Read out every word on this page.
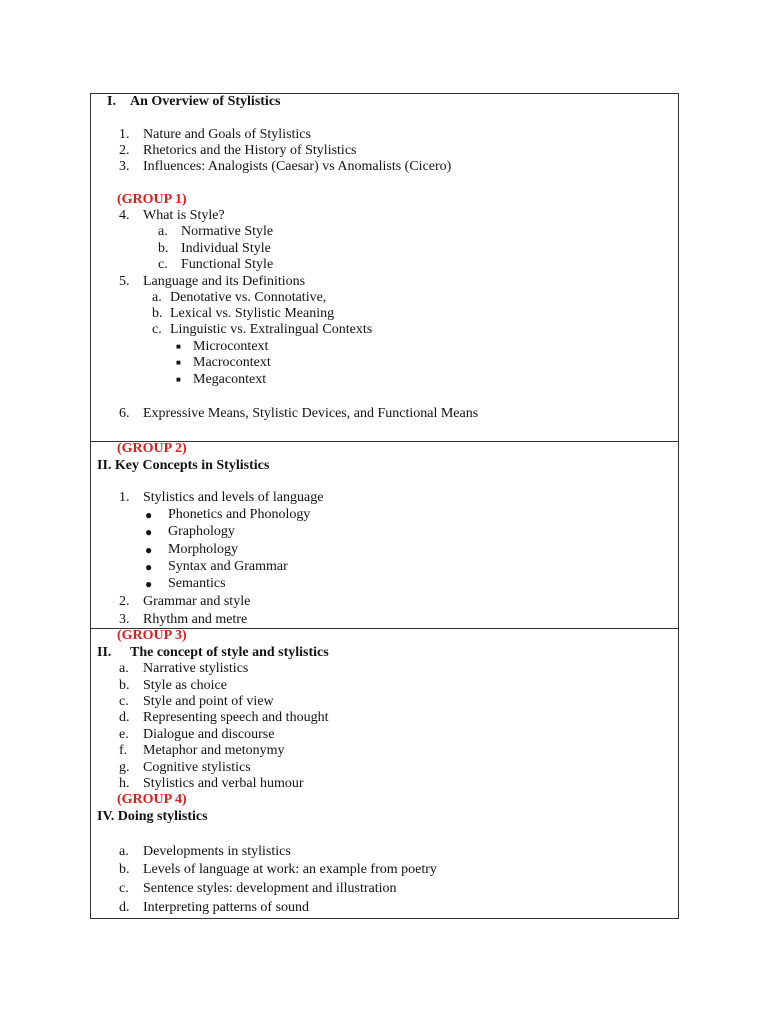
I. An Overview of Stylistics
1. Nature and Goals of Stylistics
2. Rhetorics and the History of Stylistics
3. Influences: Analogists (Caesar) vs Anomalists (Cicero)
(GROUP 1)
4. What is Style?
a. Normative Style
b. Individual Style
c. Functional Style
5. Language and its Definitions
a. Denotative vs. Connotative,
b. Lexical vs. Stylistic Meaning
c. Linguistic vs. Extralingual Contexts
■ Microcontext
■ Macrocontext
■ Megacontext
6. Expressive Means, Stylistic Devices, and Functional Means
(GROUP 2)
II. Key Concepts in Stylistics
1. Stylistics and levels of language
● Phonetics and Phonology
● Graphology
● Morphology
● Syntax and Grammar
● Semantics
2. Grammar and style
3. Rhythm and metre
(GROUP 3)
II. The concept of style and stylistics
a. Narrative stylistics
b. Style as choice
c. Style and point of view
d. Representing speech and thought
e. Dialogue and discourse
f. Metaphor and metonymy
g. Cognitive stylistics
h. Stylistics and verbal humour
(GROUP 4)
IV. Doing stylistics
a. Developments in stylistics
b. Levels of language at work: an example from poetry
c. Sentence styles: development and illustration
d. Interpreting patterns of sound
